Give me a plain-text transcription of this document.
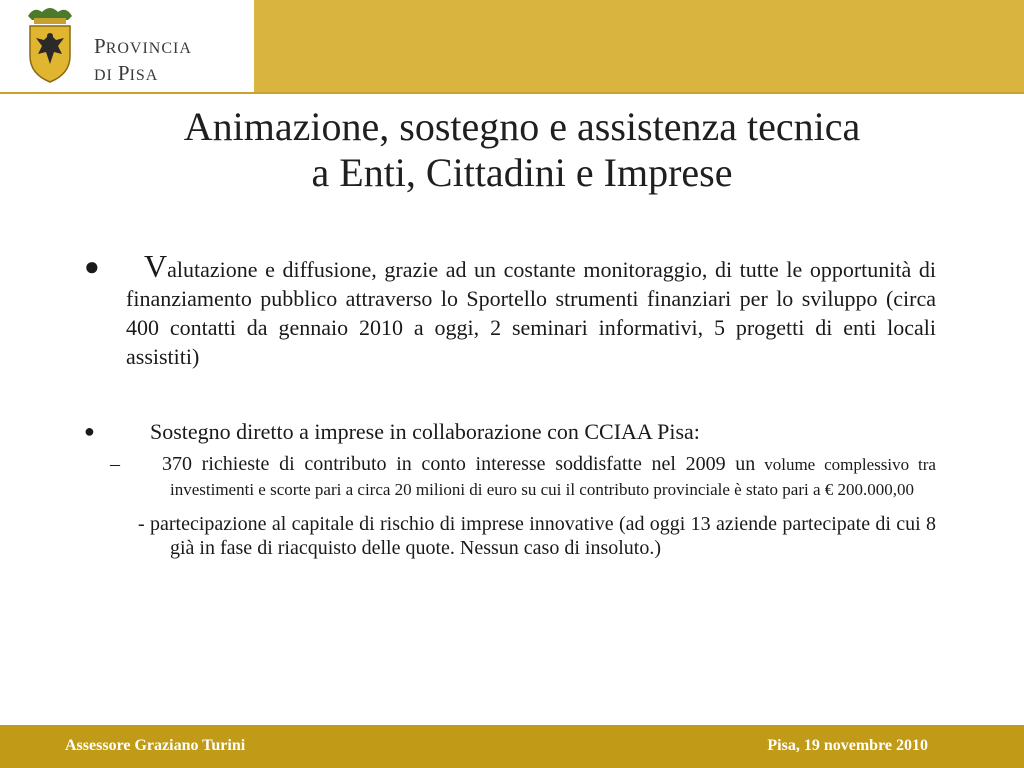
PROVINCIA
DI PISA
Animazione, sostegno e assistenza tecnica
a Enti, Cittadini e Imprese
● Valutazione e diffusione, grazie ad un costante monitoraggio, di tutte le opportunità di finanziamento pubblico attraverso lo Sportello strumenti finanziari per lo sviluppo (circa 400 contatti da gennaio 2010 a oggi, 2 seminari informativi, 5 progetti di enti locali assistiti)
●	Sostegno diretto a imprese in collaborazione con CCIAA Pisa:
– 370 richieste di contributo in conto interesse soddisfatte nel 2009 un volume complessivo tra investimenti e scorte pari a circa 20 milioni di euro su cui il contributo provinciale è stato pari a € 200.000,00
- partecipazione al capitale di rischio di imprese innovative (ad oggi 13 aziende partecipate di cui 8 già in fase di riacquisto delle quote. Nessun caso di insoluto.)
Assessore Graziano Turini	Pisa, 19 novembre 2010
